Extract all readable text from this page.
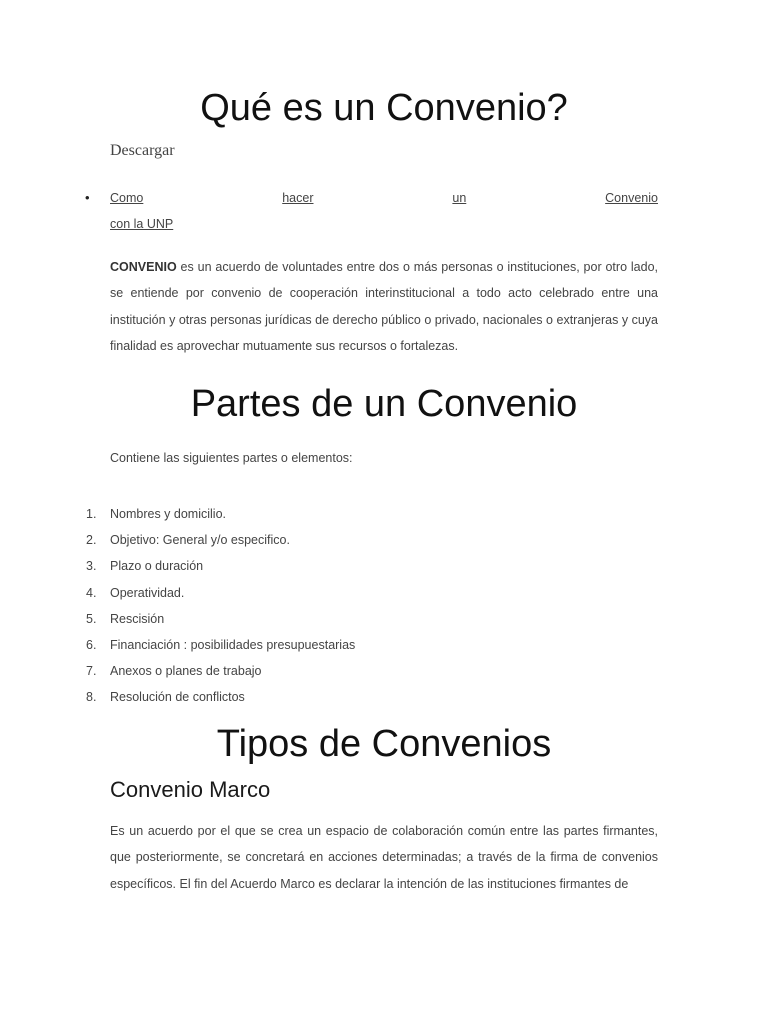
Qué es un Convenio?
Descargar
• Como	hacer	un	Convenio
con la UNP

CONVENIO es un acuerdo de voluntades entre dos o más personas o instituciones, por otro lado, se entiende por convenio de cooperación interinstitucional a todo acto celebrado entre una institución y otras personas jurídicas de derecho público o privado, nacionales o extranjeras y cuya finalidad es aprovechar mutuamente sus recursos o fortalezas.

Partes de un Convenio

Contiene las siguientes partes o elementos:

1.	Nombres y domicilio.
2.	Objetivo: General y/o especifico.
3.	Plazo o duración
4.	Operatividad.
5.	Rescisión
6.	Financiación : posibilidades presupuestarias
7.	Anexos o planes de trabajo
8.	Resolución de conflictos
Tipos de Convenios
Convenio Marco

Es un acuerdo por el que se crea un espacio de colaboración común entre las partes firmantes, que posteriormente, se concretará en acciones determinadas; a través de la firma de convenios específicos. El fin del Acuerdo Marco es declarar la intención de las instituciones firmantes de
